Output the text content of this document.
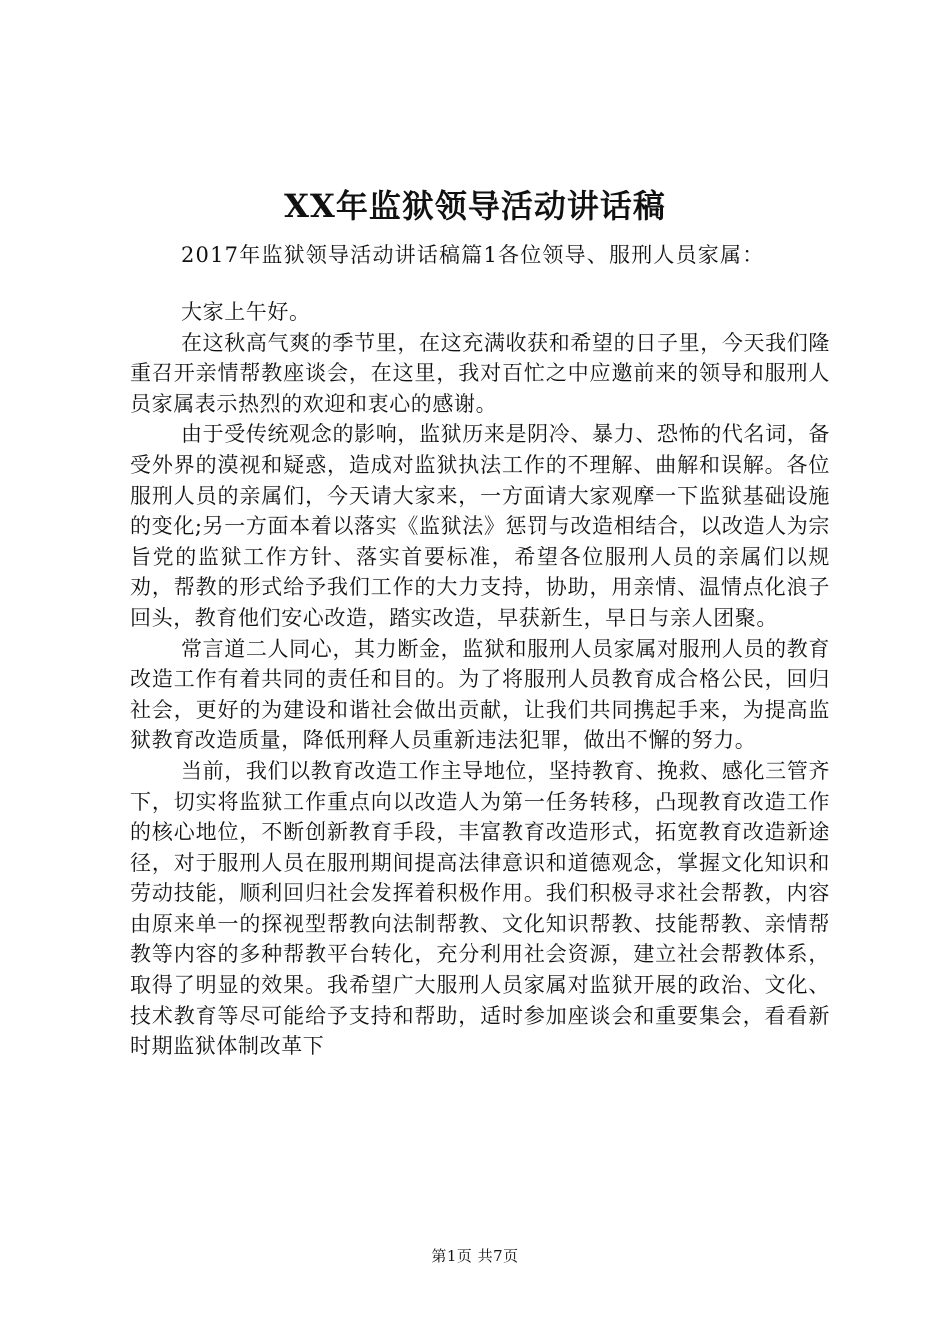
XX年监狱领导活动讲话稿
2017年监狱领导活动讲话稿篇1各位领导、服刑人员家属：

大家上午好。

在这秋高气爽的季节里，在这充满收获和希望的日子里，今天我们隆重召开亲情帮教座谈会，在这里，我对百忙之中应邀前来的领导和服刑人员家属表示热烈的欢迎和衷心的感谢。

由于受传统观念的影响，监狱历来是阴冷、暴力、恐怖的代名词，备受外界的漠视和疑惑，造成对监狱执法工作的不理解、曲解和误解。各位服刑人员的亲属们，今天请大家来，一方面请大家观摩一下监狱基础设施的变化;另一方面本着以落实《监狱法》惩罚与改造相结合，以改造人为宗旨党的监狱工作方针、落实首要标准，希望各位服刑人员的亲属们以规劝，帮教的形式给予我们工作的大力支持，协助，用亲情、温情点化浪子回头，教育他们安心改造，踏实改造，早获新生，早日与亲人团聚。

常言道二人同心，其力断金，监狱和服刑人员家属对服刑人员的教育改造工作有着共同的责任和目的。为了将服刑人员教育成合格公民，回归社会，更好的为建设和谐社会做出贡献，让我们共同携起手来，为提高监狱教育改造质量，降低刑释人员重新违法犯罪，做出不懈的努力。

当前，我们以教育改造工作主导地位，坚持教育、挽救、感化三管齐下，切实将监狱工作重点向以改造人为第一任务转移，凸现教育改造工作的核心地位，不断创新教育手段，丰富教育改造形式，拓宽教育改造新途径，对于服刑人员在服刑期间提高法律意识和道德观念，掌握文化知识和劳动技能，顺利回归社会发挥着积极作用。我们积极寻求社会帮教，内容由原来单一的探视型帮教向法制帮教、文化知识帮教、技能帮教、亲情帮教等内容的多种帮教平台转化，充分利用社会资源，建立社会帮教体系，取得了明显的效果。我希望广大服刑人员家属对监狱开展的政治、文化、技术教育等尽可能给予支持和帮助，适时参加座谈会和重要集会，看看新时期监狱体制改革下

第1页 共7页
